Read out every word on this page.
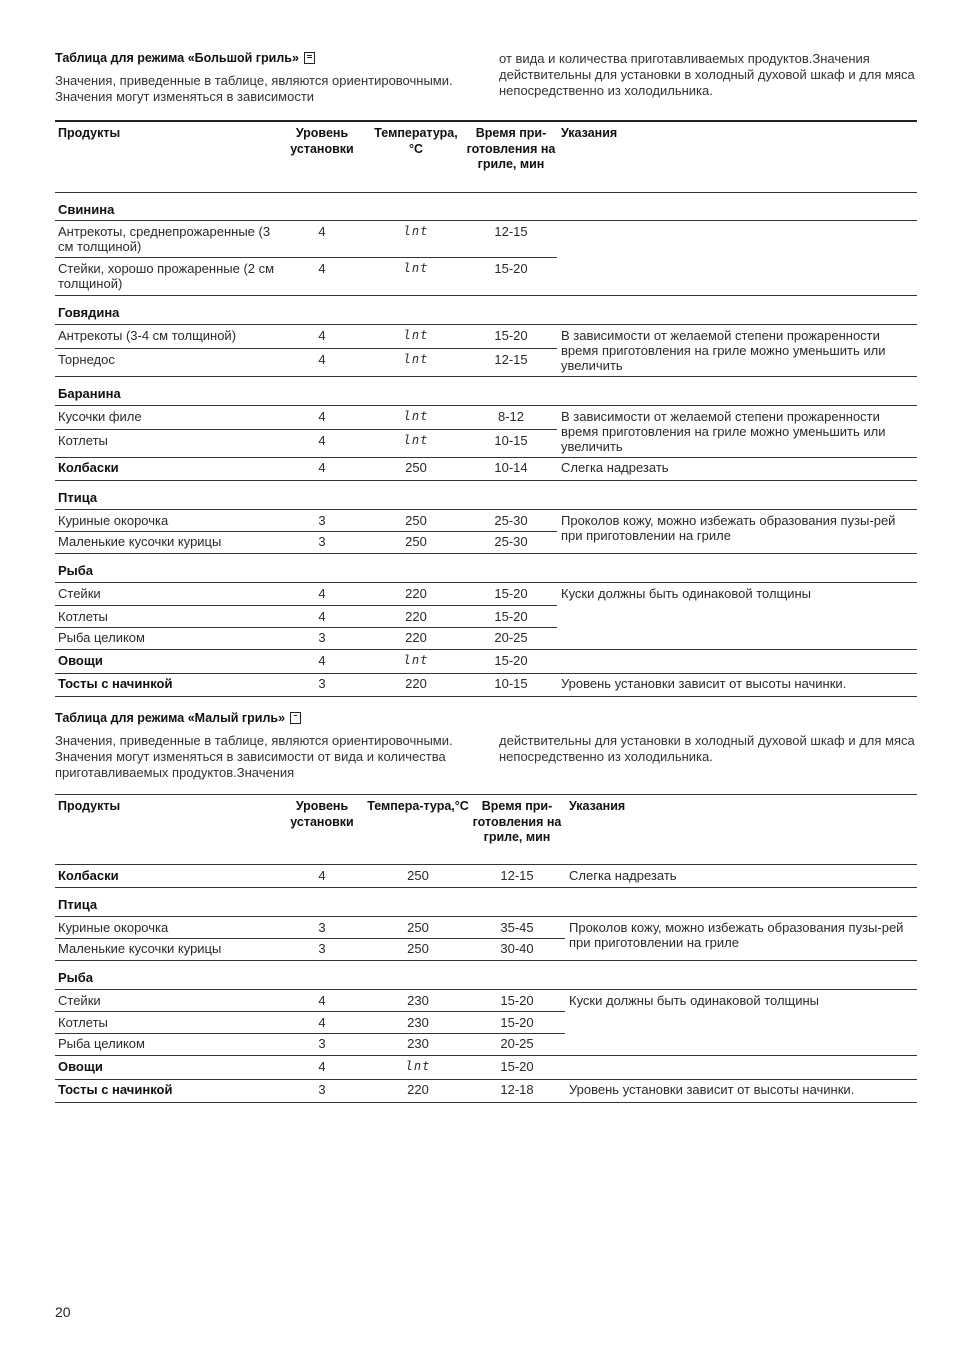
Таблица для режима «Большой гриль»
Значения, приведенные в таблице, являются ориентировочными. Значения могут изменяться в зависимости
от вида и количества приготавливаемых продуктов.Значения действительны для установки в холодный духовой шкаф и для мяса непосредственно из холодильника.
Продукты	Уровень установки	Температура, °C	Время при-готовления на гриле, мин	Указания
Свинина				
Антрекоты, среднепрожаренные (3 см толщиной)	4	lnt	12-15	
Стейки, хорошо прожаренные (2 см толщиной)	4	lnt	15-20	
Говядина				
Антрекоты (3-4 см толщиной)	4	lnt	15-20	В зависимости от желаемой степени прожаренности время приготовления на гриле можно уменьшить или увеличить
Торнедос	4	lnt	12-15	
Баранина				
Кусочки филе	4	lnt	8-12	В зависимости от желаемой степени прожаренности время приготовления на гриле можно уменьшить или увеличить
Котлеты	4	lnt	10-15	
Колбаски	4	250	10-14	Слегка надрезать
Птица				
Куриные окорочка	3	250	25-30	Проколов кожу, можно избежать образования пузы-рей при приготовлении на гриле
Маленькие кусочки курицы	3	250	25-30	
Рыба				
Стейки	4	220	15-20	Куски должны быть одинаковой толщины
Котлеты	4	220	15-20	
Рыба целиком	3	220	20-25	
Овощи	4	lnt	15-20	
Тосты с начинкой	3	220	10-15	Уровень установки зависит от высоты начинки.
Таблица для режима «Малый гриль»
Значения, приведенные в таблице, являются ориентировочными. Значения могут изменяться в зависимости от вида и количества приготавливаемых продуктов.Значения
действительны для установки в холодный духовой шкаф и для мяса непосредственно из холодильника.
Продукты	Уровень установки	Темпера-тура,°C	Время при-готовления на гриле, мин	Указания
Колбаски	4	250	12-15	Слегка надрезать
Птица				
Куриные окорочка	3	250	35-45	Проколов кожу, можно избежать образования пузы-рей при приготовлении на гриле
Маленькие кусочки курицы	3	250	30-40	
Рыба				
Стейки	4	230	15-20	Куски должны быть одинаковой толщины
Котлеты	4	230	15-20	
Рыба целиком	3	230	20-25	
Овощи	4	lnt	15-20	
Тосты с начинкой	3	220	12-18	Уровень установки зависит от высоты начинки.
20
